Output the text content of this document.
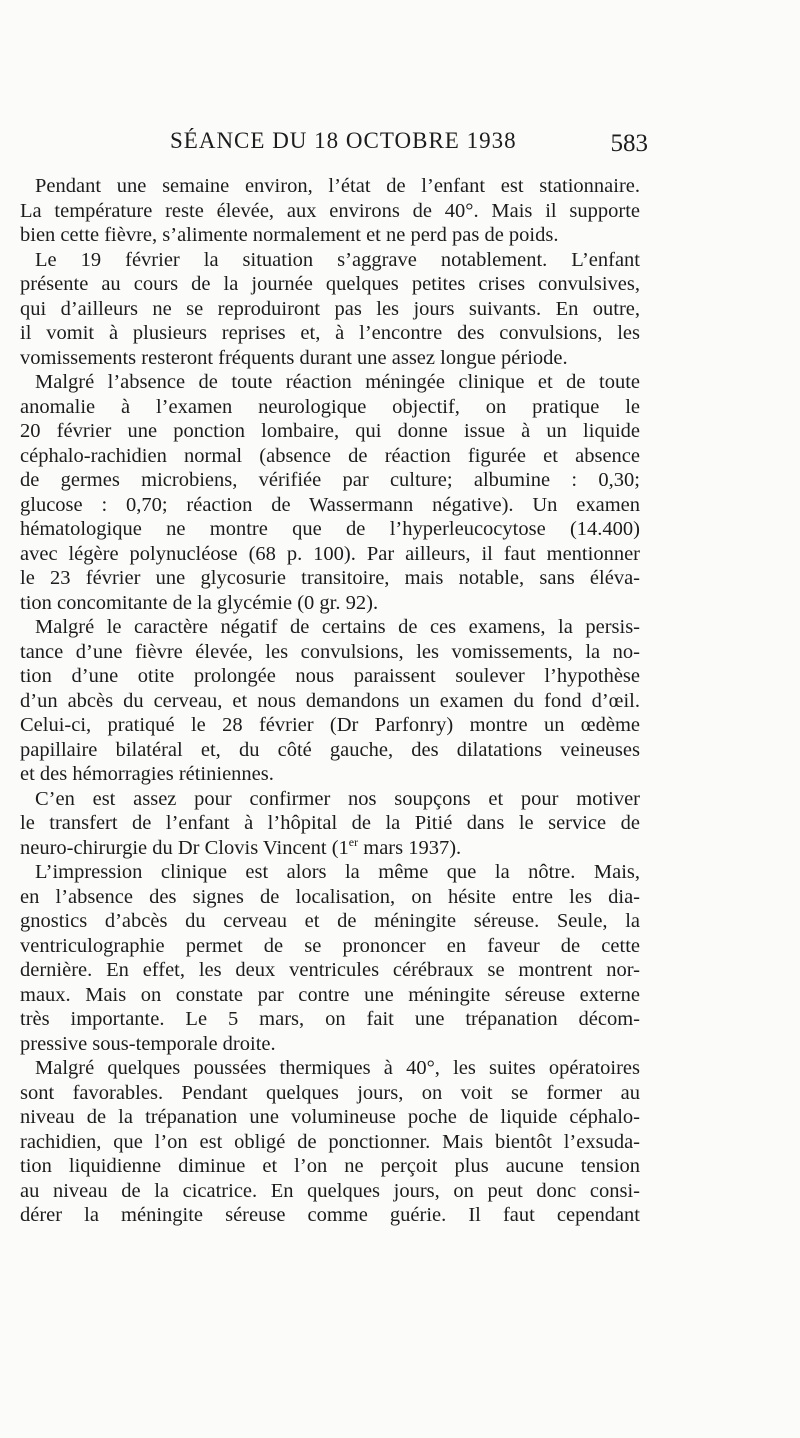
SÉANCE DU 18 OCTOBRE 1938	583
Pendant une semaine environ, l’état de l’enfant est stationnaire.
La température reste élevée, aux environs de 40°. Mais il supporte
bien cette fièvre, s’alimente normalement et ne perd pas de poids.
Le 19 février la situation s’aggrave notablement. L’enfant
présente au cours de la journée quelques petites crises convulsives,
qui d’ailleurs ne se reproduiront pas les jours suivants. En outre,
il vomit à plusieurs reprises et, à l’encontre des convulsions, les
vomissements resteront fréquents durant une assez longue période.
Malgré l’absence de toute réaction méningée clinique et de toute
anomalie à l’examen neurologique objectif, on pratique le
20 février une ponction lombaire, qui donne issue à un liquide
céphalo-rachidien normal (absence de réaction figurée et absence
de germes microbiens, vérifiée par culture; albumine : 0,30;
glucose : 0,70; réaction de Wassermann négative). Un examen
hématologique ne montre que de l’hyperleucocytose (14.400)
avec légère polynucléose (68 p. 100). Par ailleurs, il faut mentionner
le 23 février une glycosurie transitoire, mais notable, sans éléva-
tion concomitante de la glycémie (0 gr. 92).
Malgré le caractère négatif de certains de ces examens, la persis-
tance d’une fièvre élevée, les convulsions, les vomissements, la no-
tion d’une otite prolongée nous paraissent soulever l’hypothèse
d’un abcès du cerveau, et nous demandons un examen du fond d’œil.
Celui-ci, pratiqué le 28 février (Dr Parfonry) montre un œdème
papillaire bilatéral et, du côté gauche, des dilatations veineuses
et des hémorragies rétiniennes.
C’en est assez pour confirmer nos soupçons et pour motiver
le transfert de l’enfant à l’hôpital de la Pitié dans le service de
neuro-chirurgie du Dr Clovis Vincent (1er mars 1937).
L’impression clinique est alors la même que la nôtre. Mais,
en l’absence des signes de localisation, on hésite entre les dia-
gnostics d’abcès du cerveau et de méningite séreuse. Seule, la
ventriculographie permet de se prononcer en faveur de cette
dernière. En effet, les deux ventricules cérébraux se montrent nor-
maux. Mais on constate par contre une méningite séreuse externe
très importante. Le 5 mars, on fait une trépanation décom-
pressive sous-temporale droite.
Malgré quelques poussées thermiques à 40°, les suites opératoires
sont favorables. Pendant quelques jours, on voit se former au
niveau de la trépanation une volumineuse poche de liquide céphalo-
rachidien, que l’on est obligé de ponctionner. Mais bientôt l’exsuda-
tion liquidienne diminue et l’on ne perçoit plus aucune tension
au niveau de la cicatrice. En quelques jours, on peut donc consi-
dérer la méningite séreuse comme guérie. Il faut cependant
